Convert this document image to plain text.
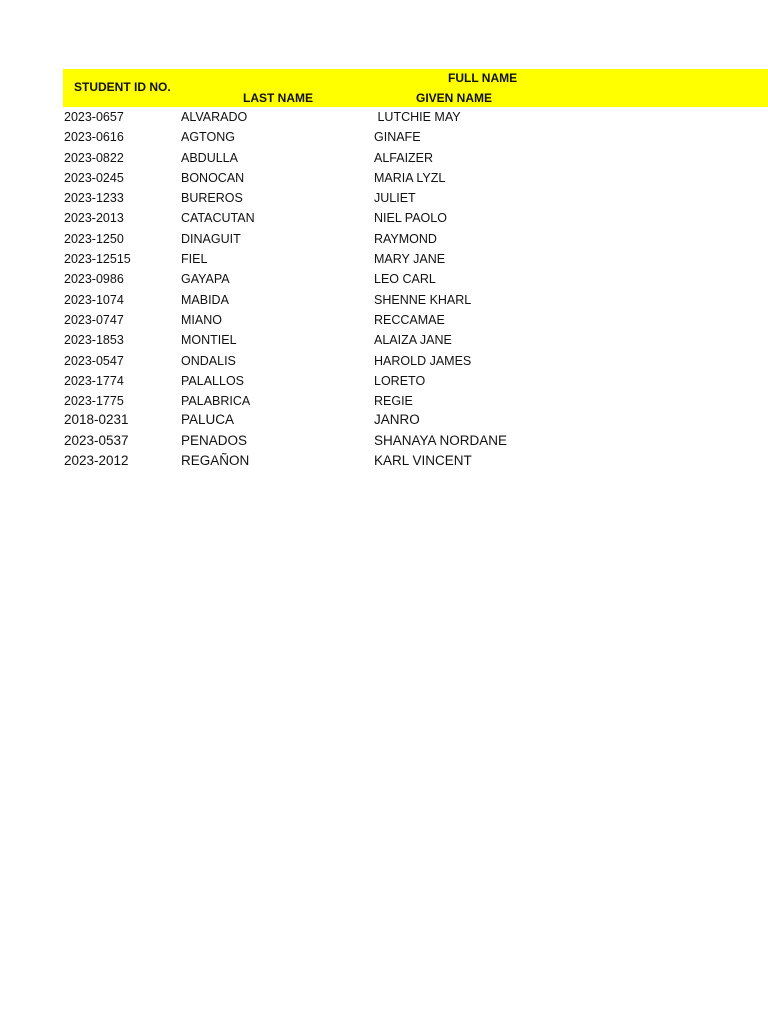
STUDENT ID NO.
FULL NAME
LAST NAME	GIVEN NAME
2023-0657	ALVARADO	LUTCHIE MAY
2023-0616	AGTONG	GINAFE
2023-0822	ABDULLA	ALFAIZER
2023-0245	BONOCAN	MARIA LYZL
2023-1233	BUREROS	JULIET
2023-2013	CATACUTAN	NIEL PAOLO
2023-1250	DINAGUIT	RAYMOND
2023-12515	FIEL	MARY JANE
2023-0986	GAYAPA	LEO CARL
2023-1074	MABIDA	SHENNE KHARL
2023-0747	MIANO	RECCAMAE
2023-1853	MONTIEL	ALAIZA JANE
2023-0547	ONDALIS	HAROLD JAMES
2023-1774	PALALLOS	LORETO
2023-1775	PALABRICA	REGIE
2018-0231	PALUCA	JANRO
2023-0537	PENADOS	SHANAYA NORDANE
2023-2012	REGAÑON	KARL VINCENT
